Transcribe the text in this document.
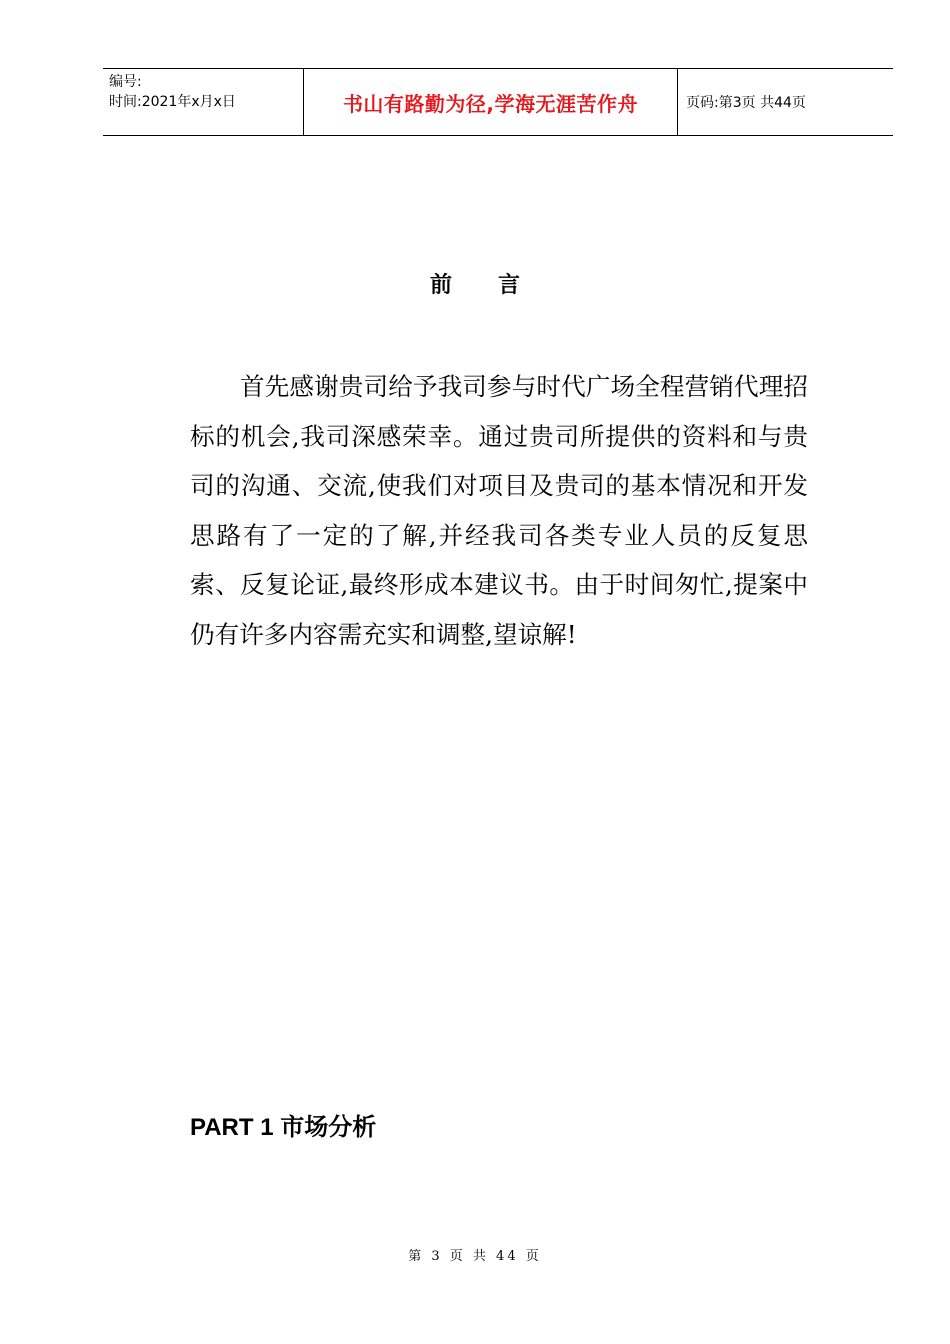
编号:
时间:2021年x月x日	书山有路勤为径,学海无涯苦作舟	页码:第3页 共44页
前言

首先感谢贵司给予我司参与时代广场全程营销代理招标的机会,我司深感荣幸。通过贵司所提供的资料和与贵司的沟通、交流,使我们对项目及贵司的基本情况和开发思路有了一定的了解,并经我司各类专业人员的反复思索、反复论证,最终形成本建议书。由于时间匆忙,提案中仍有许多内容需充实和调整,望谅解!

PART 1 市场分析
第 3 页 共 44 页
